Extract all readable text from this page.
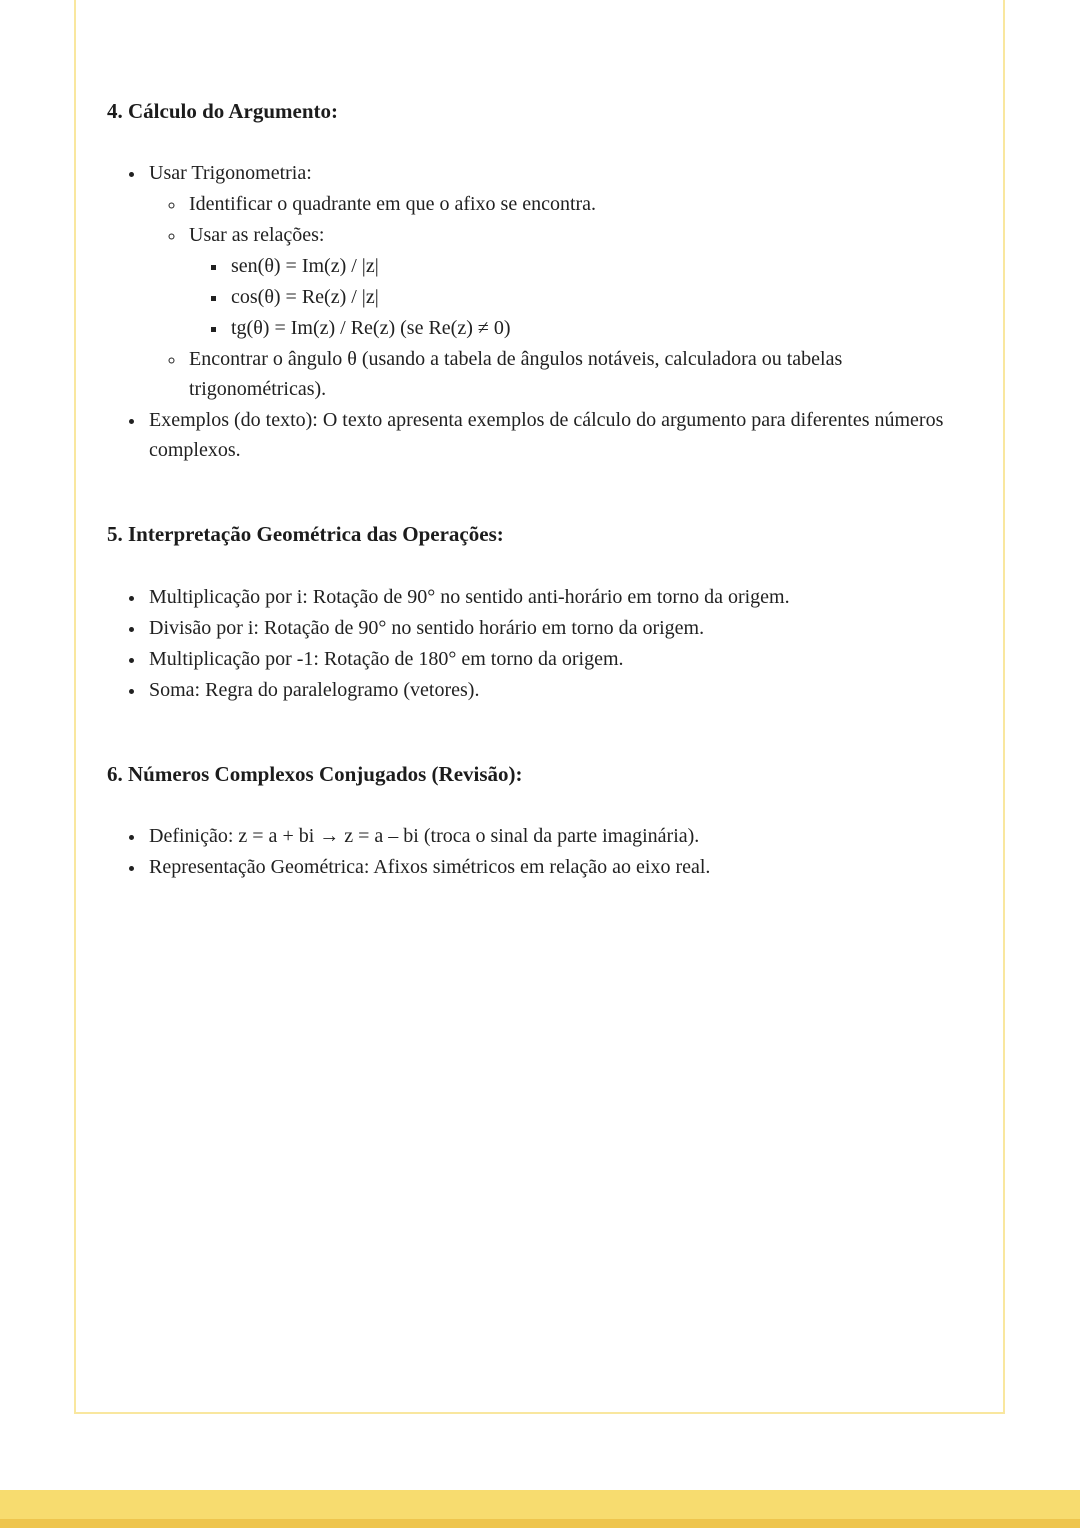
4. Cálculo do Argumento:
• Usar Trigonometria:
◦ Identificar o quadrante em que o afixo se encontra.
◦ Usar as relações:
▪ sen(θ) = Im(z) / |z|
▪ cos(θ) = Re(z) / |z|
▪ tg(θ) = Im(z) / Re(z) (se Re(z) ≠ 0)
◦ Encontrar o ângulo θ (usando a tabela de ângulos notáveis, calculadora ou tabelas trigonométricas).
• Exemplos (do texto): O texto apresenta exemplos de cálculo do argumento para diferentes números complexos.
5. Interpretação Geométrica das Operações:
• Multiplicação por i: Rotação de 90° no sentido anti-horário em torno da origem.
• Divisão por i: Rotação de 90° no sentido horário em torno da origem.
• Multiplicação por -1: Rotação de 180° em torno da origem.
• Soma: Regra do paralelogramo (vetores).
6. Números Complexos Conjugados (Revisão):
• Definição: z = a + bi → z = a – bi (troca o sinal da parte imaginária).
• Representação Geométrica: Afixos simétricos em relação ao eixo real.
